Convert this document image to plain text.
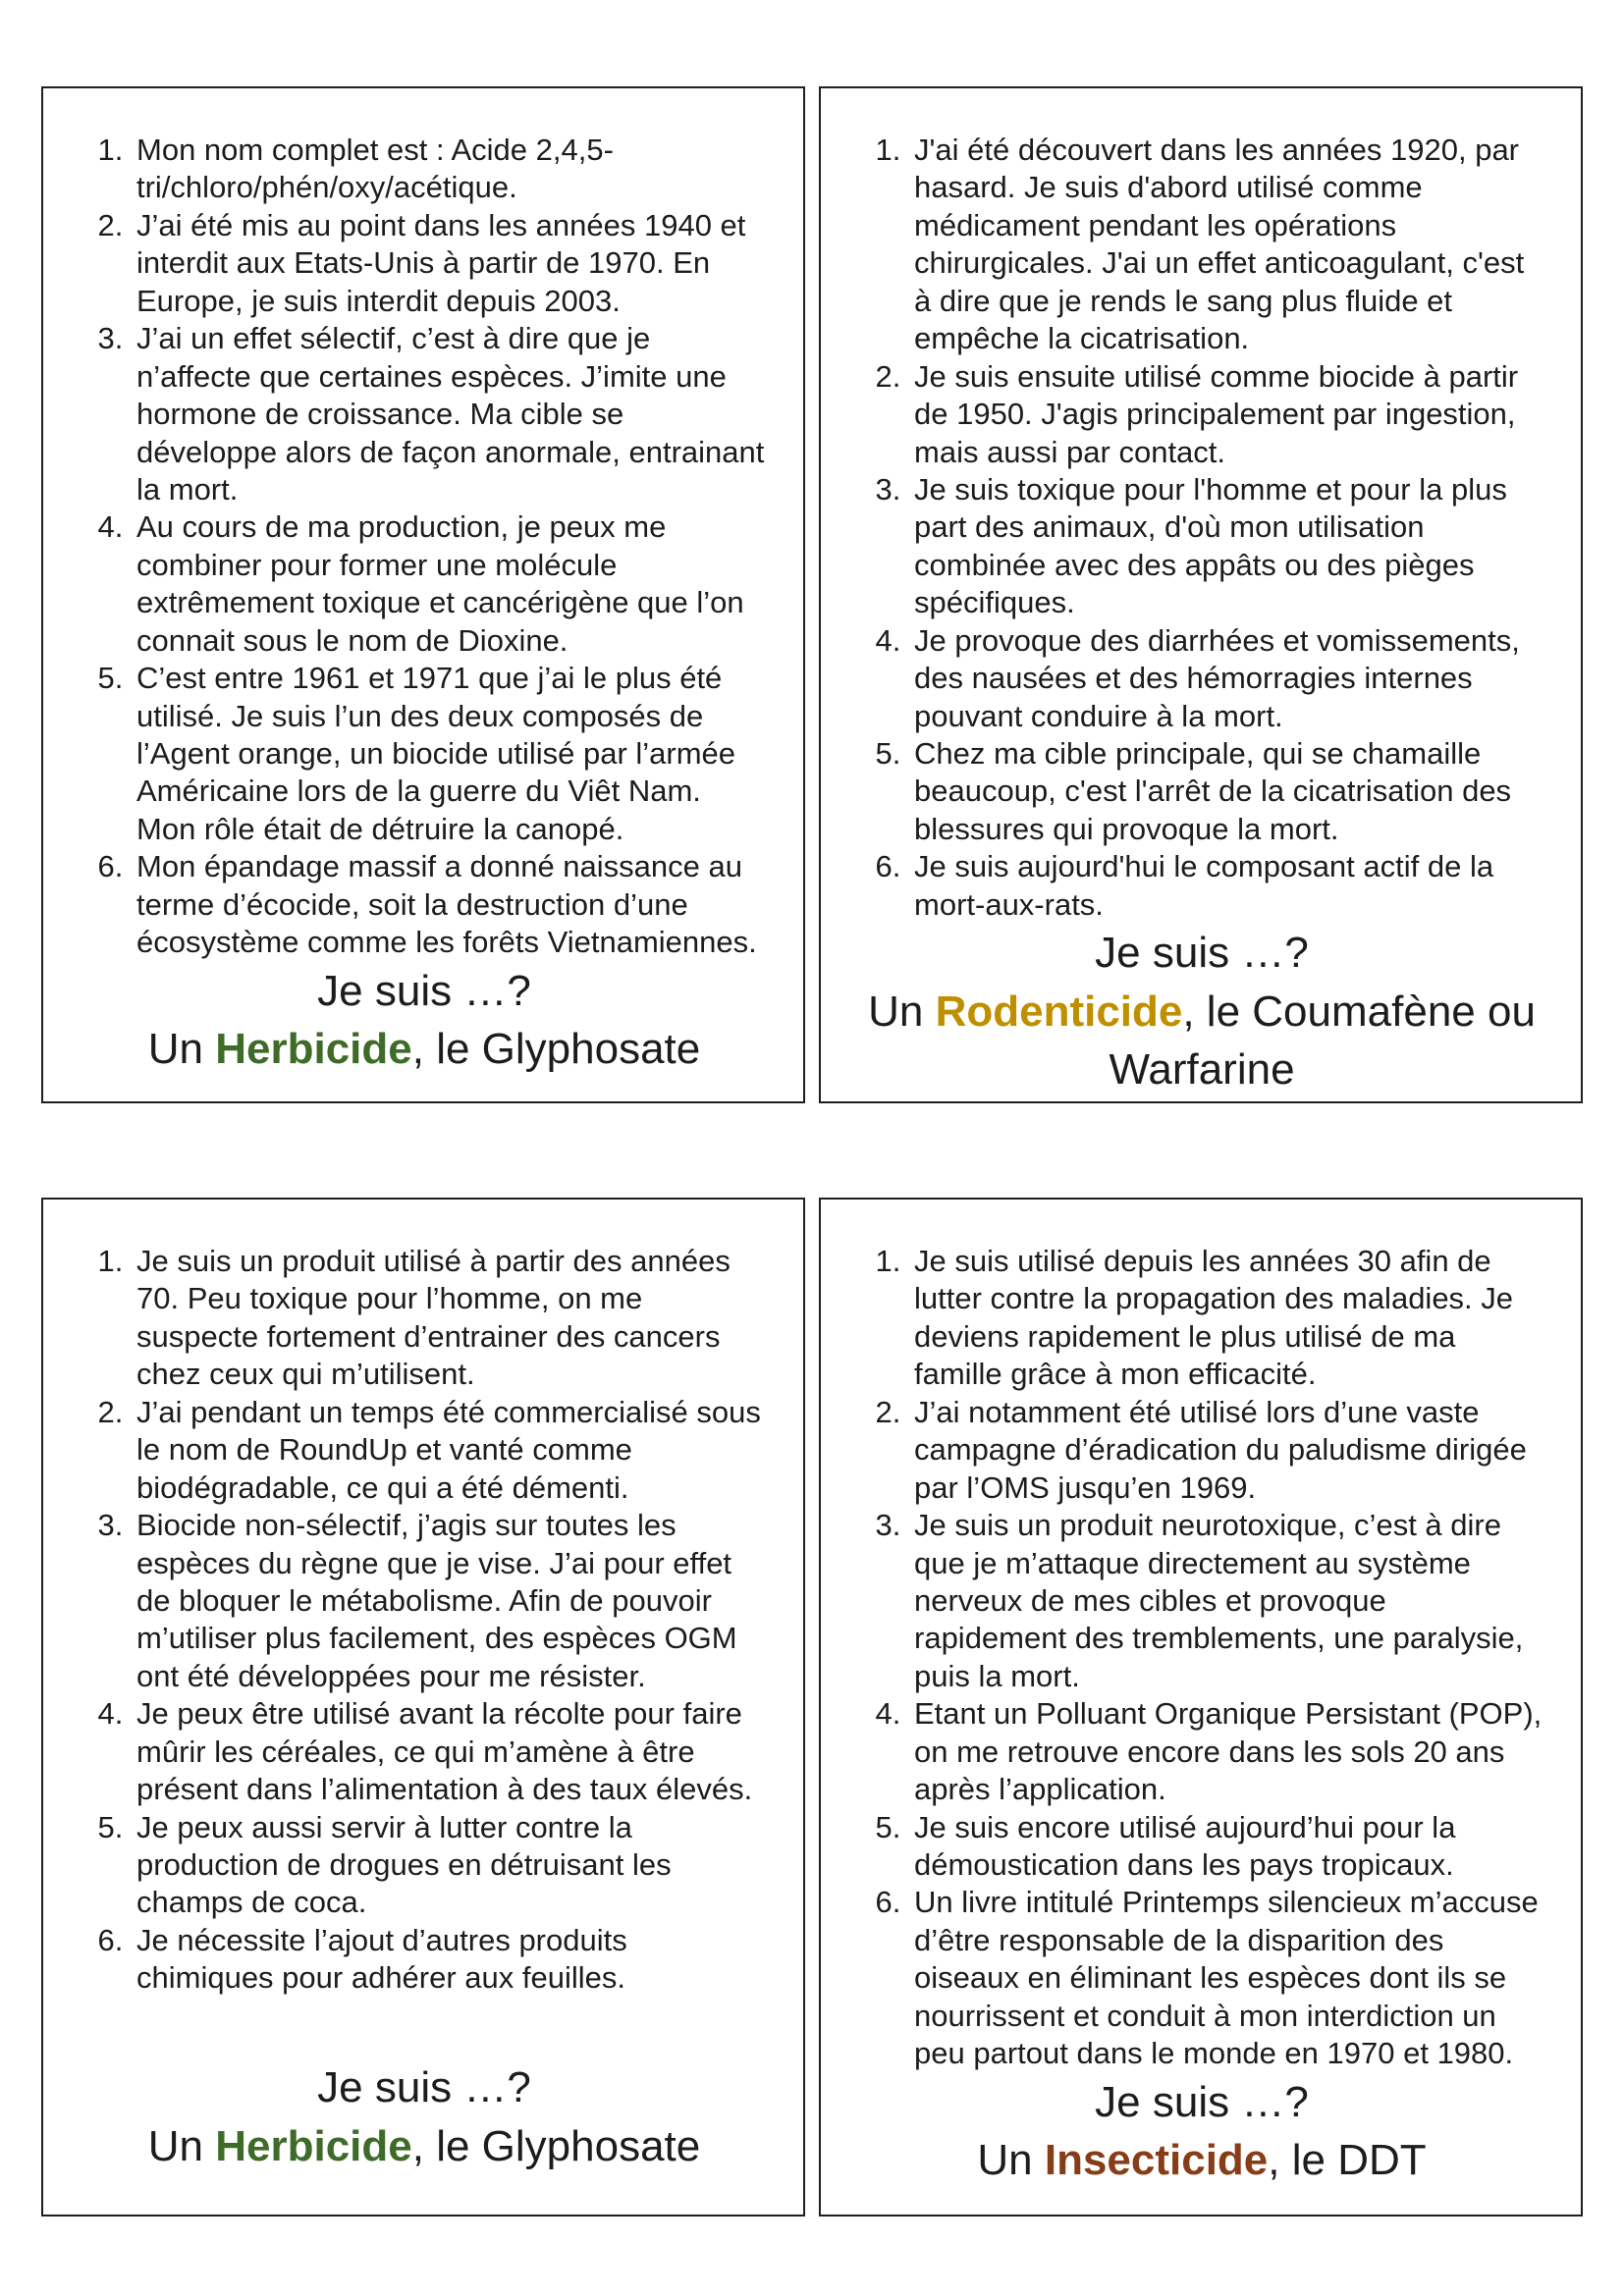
1. Mon nom complet est : Acide 2,4,5-tri/chloro/phén/oxy/acétique.
2. J’ai été mis au point dans les années 1940 et interdit aux Etats-Unis à partir de 1970. En Europe, je suis interdit depuis 2003.
3. J’ai un effet sélectif, c’est à dire que je n’affecte que certaines espèces. J’imite une hormone de croissance. Ma cible se développe alors de façon anormale, entrainant la mort.
4. Au cours de ma production, je peux me combiner pour former une molécule extrêmement toxique et cancérigène que l’on connait sous le nom de Dioxine.
5. C’est entre 1961 et 1971 que j’ai le plus été utilisé. Je suis l’un des deux composés de l’Agent orange, un biocide utilisé par l’armée Américaine lors de la guerre du Viêt Nam. Mon rôle était de détruire la canopé.
6. Mon épandage massif a donné naissance au terme d’écocide, soit la destruction d’une écosystème comme les forêts Vietnamiennes.
Je suis …?
Un Herbicide, le Glyphosate
1. J'ai été découvert dans les années 1920, par hasard. Je suis d'abord utilisé comme médicament pendant les opérations chirurgicales. J'ai un effet anticoagulant, c'est à dire que je rends le sang plus fluide et empêche la cicatrisation.
2. Je suis ensuite utilisé comme biocide à partir de 1950. J'agis principalement par ingestion, mais aussi par contact.
3. Je suis toxique pour l'homme et pour la plus part des animaux, d'où mon utilisation combinée avec des appâts ou des pièges spécifiques.
4. Je provoque des diarrhées et vomissements, des nausées et des hémorragies internes pouvant conduire à la mort.
5. Chez ma cible principale, qui se chamaille beaucoup, c'est l'arrêt de la cicatrisation des blessures qui provoque la mort.
6. Je suis aujourd'hui le composant actif de la mort-aux-rats.
Je suis …?
Un Rodenticide, le Coumafène ou Warfarine
1. Je suis un produit utilisé à partir des années 70. Peu toxique pour l’homme, on me suspecte fortement d’entrainer des cancers chez ceux qui m’utilisent.
2. J’ai pendant un temps été commercialisé sous le nom de RoundUp et vanté comme biodégradable, ce qui a été démenti.
3. Biocide non-sélectif, j’agis sur toutes les espèces du règne que je vise. J’ai pour effet de bloquer le métabolisme. Afin de pouvoir m’utiliser plus facilement, des espèces OGM ont été développées pour me résister.
4. Je peux être utilisé avant la récolte pour faire mûrir les céréales, ce qui m’amène à être présent dans l’alimentation à des taux élevés.
5. Je peux aussi servir à lutter contre la production de drogues en détruisant les champs de coca.
6. Je nécessite l’ajout d’autres produits chimiques pour adhérer aux feuilles.
Je suis …?
Un Herbicide, le Glyphosate
1. Je suis utilisé depuis les années 30 afin de lutter contre la propagation des maladies. Je deviens rapidement le plus utilisé de ma famille grâce à mon efficacité.
2. J’ai notamment été utilisé lors d’une vaste campagne d’éradication du paludisme dirigée par l’OMS jusqu’en 1969.
3. Je suis un produit neurotoxique, c’est à dire que je m’attaque directement au système nerveux de mes cibles et provoque rapidement des tremblements, une paralysie, puis la mort.
4. Etant un Polluant Organique Persistant (POP), on me retrouve encore dans les sols 20 ans après l’application.
5. Je suis encore utilisé aujourd’hui pour la démoustication dans les pays tropicaux.
6. Un livre intitulé Printemps silencieux m’accuse d’être responsable de la disparition des oiseaux en éliminant les espèces dont ils se nourrissent et conduit à mon interdiction un peu partout dans le monde en 1970 et 1980.
Je suis …?
Un Insecticide, le DDT
